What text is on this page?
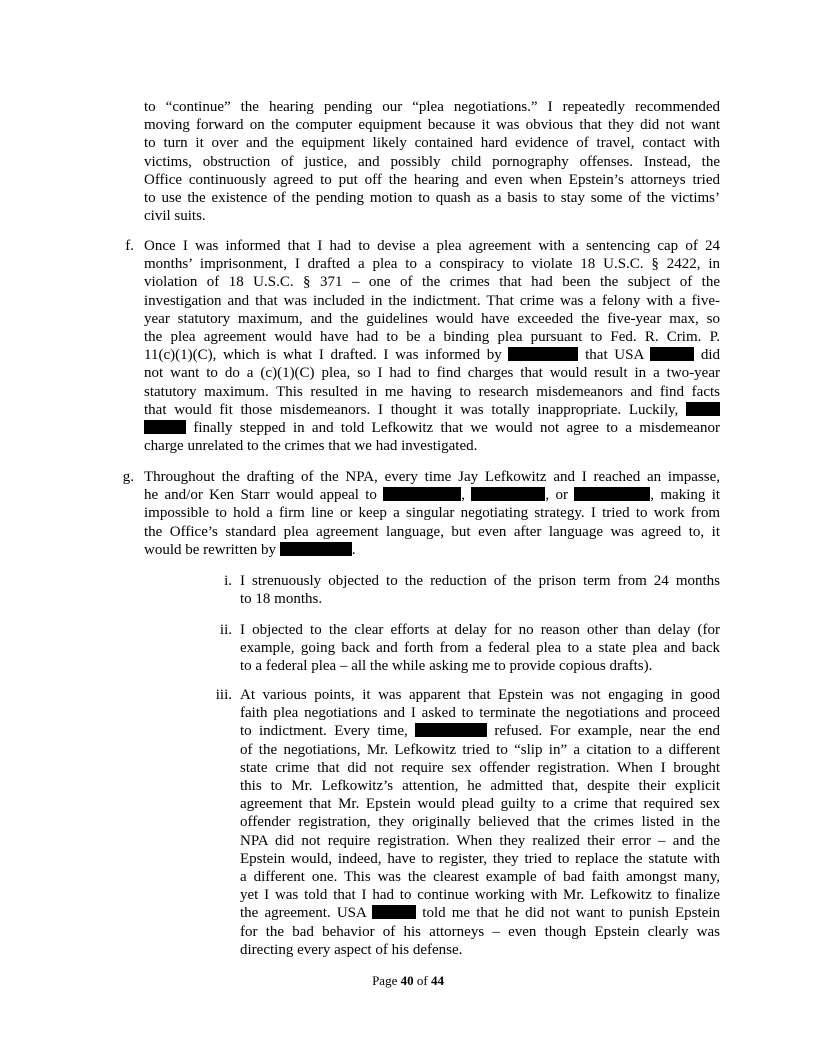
to “continue” the hearing pending our “plea negotiations.” I repeatedly recommended
moving forward on the computer equipment because it was obvious that they did not want
to turn it over and the equipment likely contained hard evidence of travel, contact with
victims, obstruction of justice, and possibly child pornography offenses. Instead, the
Office continuously agreed to put off the hearing and even when Epstein’s attorneys tried
to use the existence of the pending motion to quash as a basis to stay some of the victims’
civil suits.
f. Once I was informed that I had to devise a plea agreement with a sentencing cap of 24
months’ imprisonment, I drafted a plea to a conspiracy to violate 18 U.S.C. § 2422, in
violation of 18 U.S.C. § 371 – one of the crimes that had been the subject of the
investigation and that was included in the indictment. That crime was a felony with a five-
year statutory maximum, and the guidelines would have exceeded the five-year max, so
the plea agreement would have had to be a binding plea pursuant to Fed. R. Crim. P.
11(c)(1)(C), which is what I drafted. I was informed by	that USA	did
not want to do a (c)(1)(C) plea, so I had to find charges that would result in a two-year
statutory maximum. This resulted in me having to research misdemeanors and find facts
that would fit those misdemeanors. I thought it was totally inappropriate. Luckily,
finally stepped in and told Lefkowitz that we would not agree to a misdemeanor
charge unrelated to the crimes that we had investigated.
g. Throughout the drafting of the NPA, every time Jay Lefkowitz and I reached an impasse,
he and/or Ken Starr would appeal to	,	, or	, making it
impossible to hold a firm line or keep a singular negotiating strategy. I tried to work from
the Office’s standard plea agreement language, but even after language was agreed to, it
would be rewritten by	.
i. I strenuously objected to the reduction of the prison term from 24 months
to 18 months.
ii. I objected to the clear efforts at delay for no reason other than delay (for
example, going back and forth from a federal plea to a state plea and back
to a federal plea – all the while asking me to provide copious drafts).
iii. At various points, it was apparent that Epstein was not engaging in good
faith plea negotiations and I asked to terminate the negotiations and proceed
to indictment. Every time,	refused. For example, near the end
of the negotiations, Mr. Lefkowitz tried to “slip in” a citation to a different
state crime that did not require sex offender registration. When I brought
this to Mr. Lefkowitz’s attention, he admitted that, despite their explicit
agreement that Mr. Epstein would plead guilty to a crime that required sex
offender registration, they originally believed that the crimes listed in the
NPA did not require registration. When they realized their error – and the
Epstein would, indeed, have to register, they tried to replace the statute with
a different one. This was the clearest example of bad faith amongst many,
yet I was told that I had to continue working with Mr. Lefkowitz to finalize
the agreement. USA	told me that he did not want to punish Epstein
for the bad behavior of his attorneys – even though Epstein clearly was
directing every aspect of his defense.
Page 40 of 44
